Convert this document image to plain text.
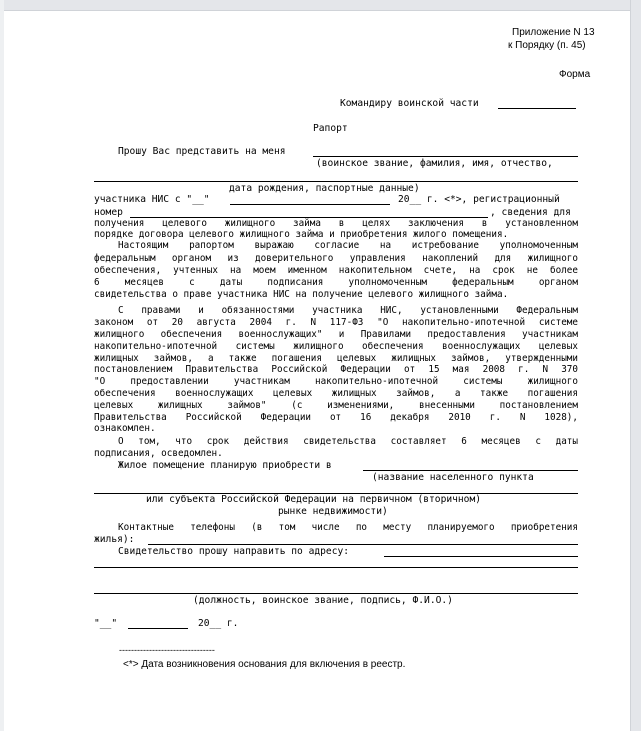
Приложение N 13
к Порядку (п. 45)
Форма
Командиру воинской части
Рапорт
Прошу Вас представить на меня
(воинское звание, фамилия, имя, отчество,
дата рождения, паспортные данные)
участника НИС с "__"	20__ г. <*>, регистрационный
номер	, сведения для
получения целевого жилищного займа в целях заключения в установленном
порядке договора целевого жилищного займа и приобретения жилого помещения.
Настоящим рапортом выражаю согласие на истребование уполномоченным
федеральным органом из доверительного управления накоплений для жилищного
обеспечения, учтенных на моем именном накопительном счете, на срок не более
6 месяцев с даты подписания уполномоченным федеральным органом
свидетельства о праве участника НИС на получение целевого жилищного займа.
С правами и обязанностями участника НИС, установленными Федеральным
законом от 20 августа 2004 г. N 117-ФЗ "О накопительно-ипотечной системе
жилищного обеспечения военнослужащих" и Правилами предоставления участникам
накопительно-ипотечной системы жилищного обеспечения военнослужащих целевых
жилищных займов, а также погашения целевых жилищных займов, утвержденными
постановлением Правительства Российской Федерации от 15 мая 2008 г. N 370
"О предоставлении участникам накопительно-ипотечной системы жилищного
обеспечения военнослужащих целевых жилищных займов, а также погашения
целевых жилищных займов" (с изменениями, внесенными постановлением
Правительства Российской Федерации от 16 декабря 2010 г. N 1028),
ознакомлен.
О том, что срок действия свидетельства составляет 6 месяцев с даты
подписания, осведомлен.
Жилое помещение планирую приобрести в
(название населенного пункта
или субъекта Российской Федерации на первичном (вторичном)
рынке недвижимости)
Контактные телефоны (в том числе по месту планируемого приобретения
жилья):
Свидетельство прошу направить по адресу:
(должность, воинское звание, подпись, Ф.И.О.)
"__"	20__ г.
--------------------------------
<*> Дата возникновения основания для включения в реестр.
